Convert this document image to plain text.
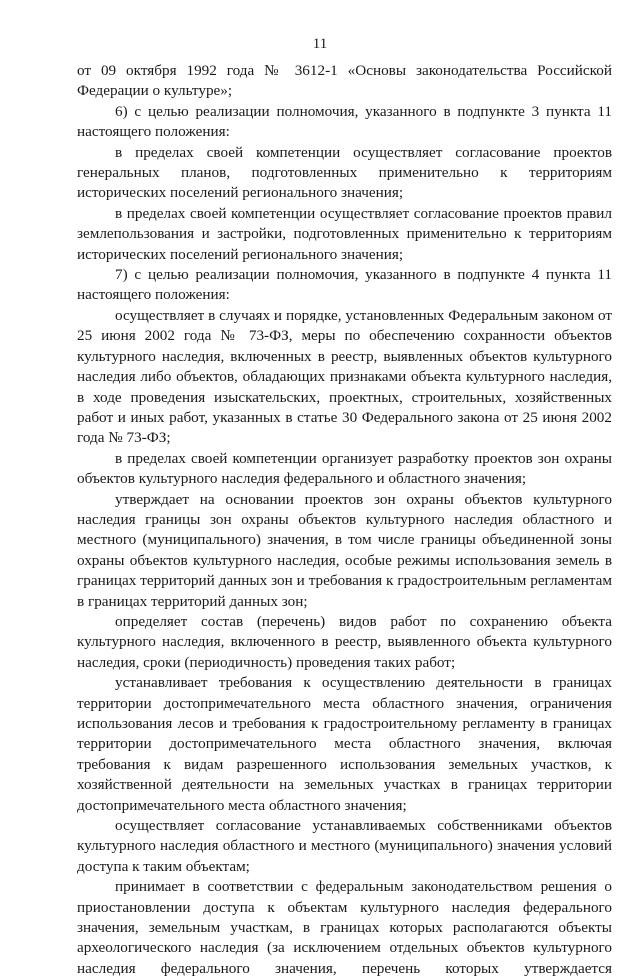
11

от 09 октября 1992 года № 3612-1 «Основы законодательства Российской Федерации о культуре»;

6) с целью реализации полномочия, указанного в подпункте 3 пункта 11 настоящего положения:

в пределах своей компетенции осуществляет согласование проектов генеральных планов, подготовленных применительно к территориям исторических поселений регионального значения;

в пределах своей компетенции осуществляет согласование проектов правил землепользования и застройки, подготовленных применительно к территориям исторических поселений регионального значения;

7) с целью реализации полномочия, указанного в подпункте 4 пункта 11 настоящего положения:

осуществляет в случаях и порядке, установленных Федеральным законом от 25 июня 2002 года № 73-ФЗ, меры по обеспечению сохранности объектов культурного наследия, включенных в реестр, выявленных объектов культурного наследия либо объектов, обладающих признаками объекта культурного наследия, в ходе проведения изыскательских, проектных, строительных, хозяйственных работ и иных работ, указанных в статье 30 Федерального закона от 25 июня 2002 года № 73-ФЗ;

в пределах своей компетенции организует разработку проектов зон охраны объектов культурного наследия федерального и областного значения;

утверждает на основании проектов зон охраны объектов культурного наследия границы зон охраны объектов культурного наследия областного и местного (муниципального) значения, в том числе границы объединенной зоны охраны объектов культурного наследия, особые режимы использования земель в границах территорий данных зон и требования к градостроительным регламентам в границах территорий данных зон;

определяет состав (перечень) видов работ по сохранению объекта культурного наследия, включенного в реестр, выявленного объекта культурного наследия, сроки (периодичность) проведения таких работ;

устанавливает требования к осуществлению деятельности в границах территории достопримечательного места областного значения, ограничения использования лесов и требования к градостроительному регламенту в границах территории достопримечательного места областного значения, включая требования к видам разрешенного использования земельных участков, к хозяйственной деятельности на земельных участках в границах территории достопримечательного места областного значения;

осуществляет согласование устанавливаемых собственниками объектов культурного наследия областного и местного (муниципального) значения условий доступа к таким объектам;

принимает в соответствии с федеральным законодательством решения о приостановлении доступа к объектам культурного наследия федерального значения, земельным участкам, в границах которых располагаются объекты археологического наследия (за исключением отдельных объектов культурного наследия федерального значения, перечень которых утверждается
